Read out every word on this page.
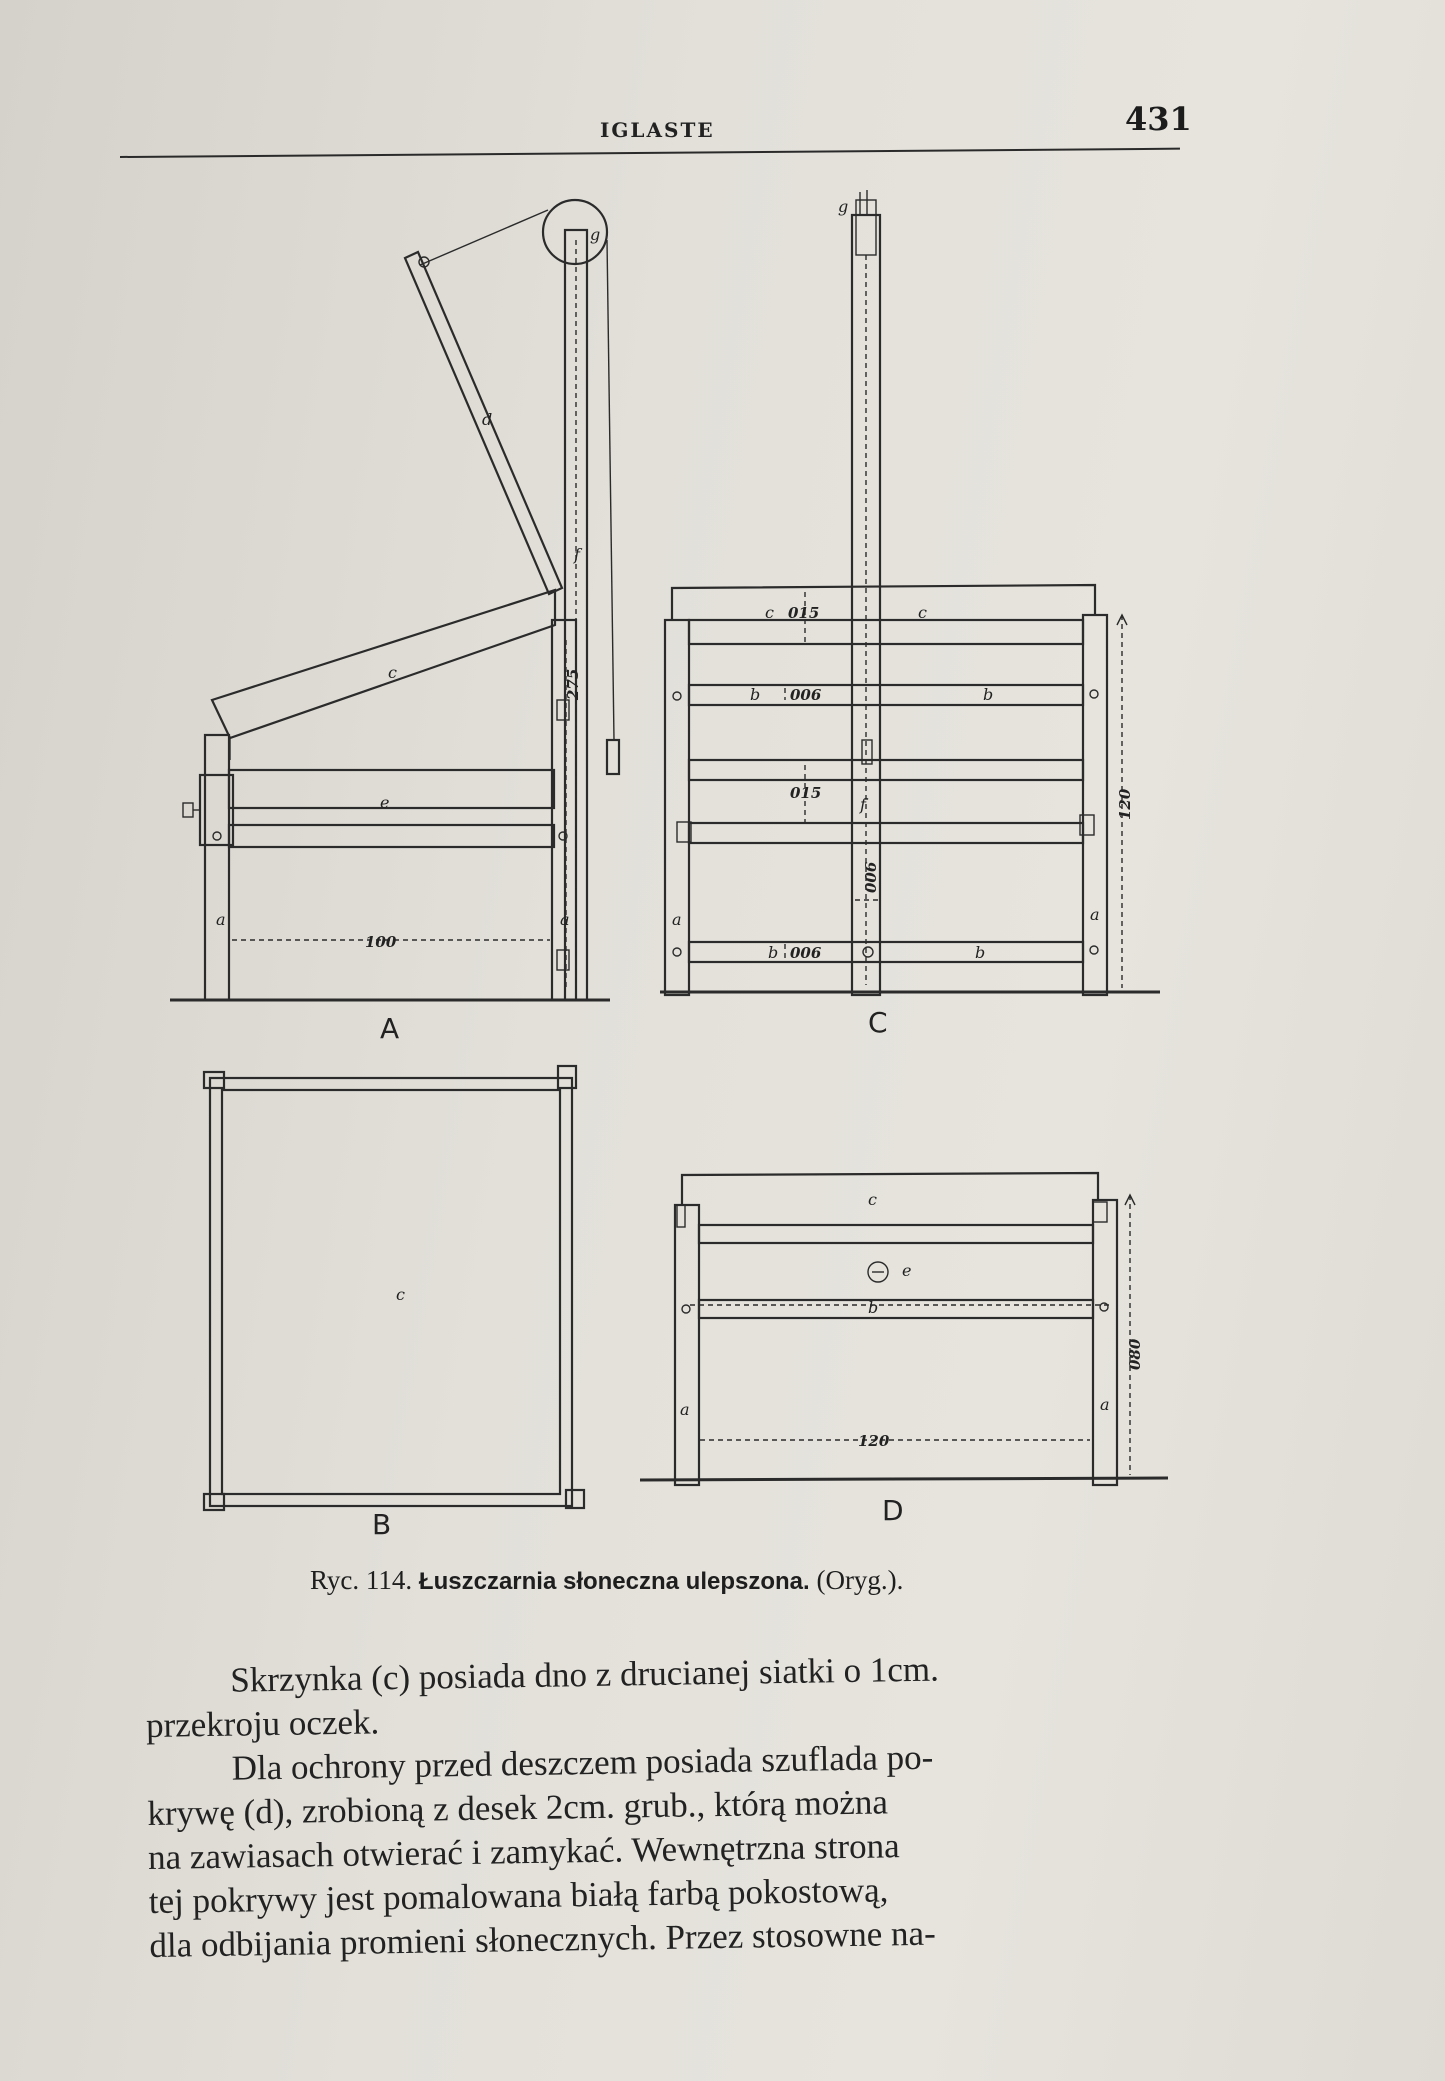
IGLASTE	431
c
e
a	a
d
f
g
100
275
A
c	c
b	b
b	b
a	a
f
g
015
015
006
006
006
120
C
c
B
c
e
b
a	a
120
080
D
Ryc. 114. Łuszczarnia słoneczna ulepszona. (Oryg.).

Skrzynka (c) posiada dno z drucianej siatki o 1cm.
przekroju oczek.

Dla ochrony przed deszczem posiada szuflada po-
krywę (d), zrobioną z desek 2cm. grub., którą można
na zawiasach otwierać i zamykać. Wewnętrzna strona
tej pokrywy jest pomalowana białą farbą pokostową,
dla odbijania promieni słonecznych. Przez stosowne na-
